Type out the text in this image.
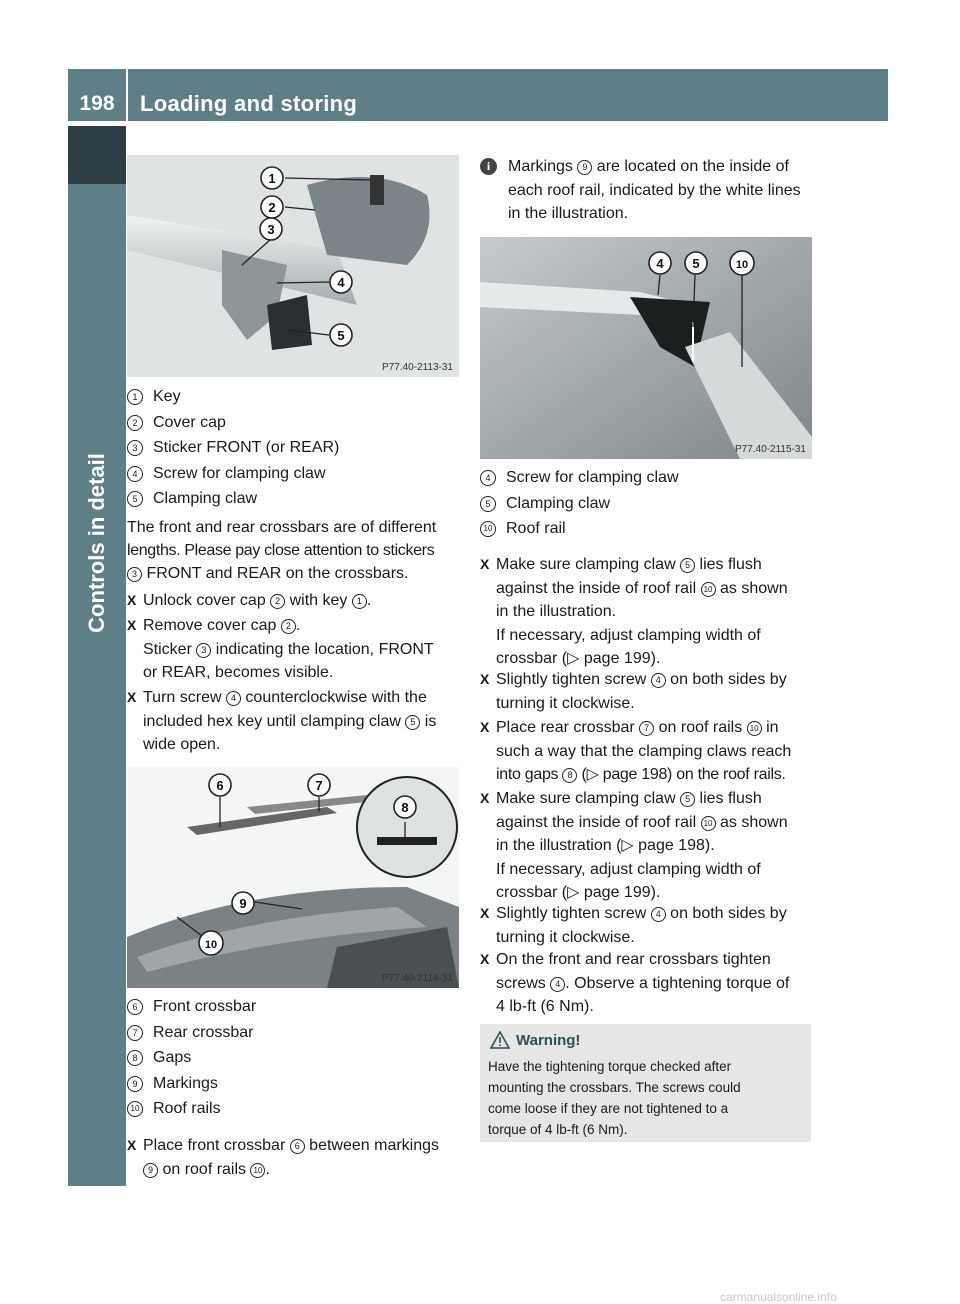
198	Loading and storing
Controls in detail
1
2
3
4
5
P77.40-2113-31
1 Key
2 Cover cap
3 Sticker FRONT (or REAR)
4 Screw for clamping claw
5 Clamping claw
The front and rear crossbars are of different
lengths. Please pay close attention to stickers
3 FRONT and REAR on the crossbars.
X Unlock cover cap 2 with key 1 .
X Remove cover cap 2 .
Sticker 3 indicating the location, FRONT
or REAR, becomes visible.
X Turn screw 4 counterclockwise with the
included hex key until clamping claw 5 is
wide open.
6	7
8
9
10
P77.40-2114-31
6 Front crossbar
7 Rear crossbar
8 Gaps
9 Markings
10 Roof rails
X Place front crossbar 6 between markings
9 on roof rails 10 .
i	Markings 9 are located on the inside of
each roof rail, indicated by the white lines
in the illustration.
4 5	10
P77.40-2115-31
4 Screw for clamping claw
5 Clamping claw
10 Roof rail
X Make sure clamping claw 5 lies flush
against the inside of roof rail 10 as shown
in the illustration.
If necessary, adjust clamping width of
crossbar (▷ page 199).
X Slightly tighten screw 4 on both sides by
turning it clockwise.
X Place rear crossbar 7 on roof rails 10 in
such a way that the clamping claws reach
into gaps 8 (▷ page 198) on the roof rails.
X Make sure clamping claw 5 lies flush
against the inside of roof rail 10 as shown
in the illustration (▷ page 198).
If necessary, adjust clamping width of
crossbar (▷ page 199).
X Slightly tighten screw 4 on both sides by
turning it clockwise.
X On the front and rear crossbars tighten
screws 4 . Observe a tightening torque of
4 lb-ft (6 Nm).
Warning!
Have the tightening torque checked after
mounting the crossbars. The screws could
come loose if they are not tightened to a
torque of 4 lb-ft (6 Nm).
carmanualsonline.info
